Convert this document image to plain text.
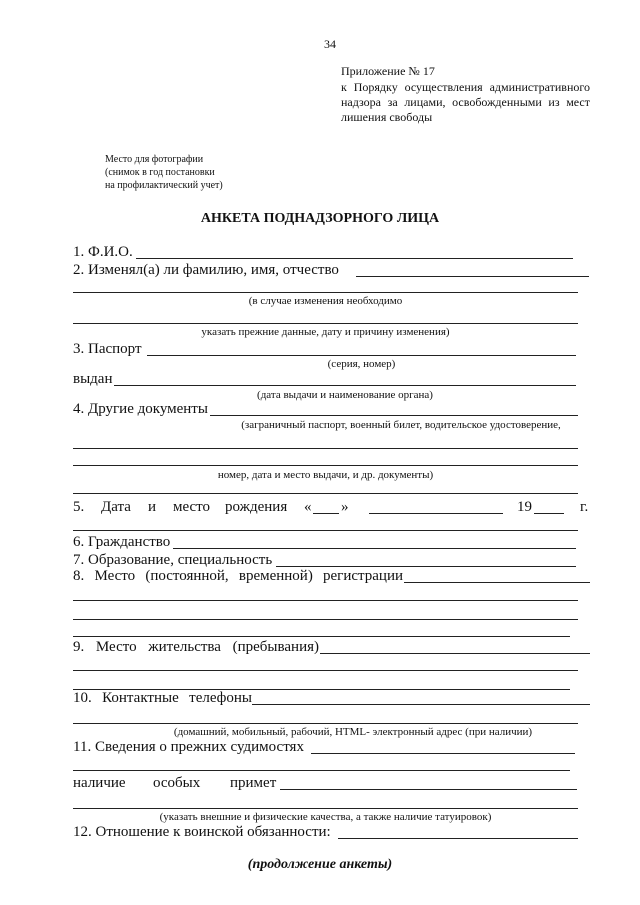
34
Приложение № 17
к Порядку осуществления административного
надзора за лицами, освобожденными из мест
лишения свободы
Место для фотографии
(снимок в год постановки
на профилактический учет)
АНКЕТА ПОДНАДЗОРНОГО ЛИЦА
1. Ф.И.О.
2. Изменял(а) ли фамилию, имя, отчество
(в случае изменения необходимо
указать прежние данные, дату и причину изменения)
3. Паспорт
(серия, номер)
выдан
(дата выдачи и наименование органа)
4. Другие документы
(заграничный паспорт, военный билет, водительское удостоверение,
номер, дата и место выдачи, и др. документы)
5. Дата и место рождения « »	19	г.
6. Гражданство
7. Образование, специальность
8. Место (постоянной, временной) регистрации
9. Место жительства (пребывания)
10. Контактные телефоны
(домашний, мобильный, рабочий, HTML- электронный адрес (при наличии)
11. Сведения о прежних судимостях
наличие особых примет
(указать внешние и физические качества, а также наличие татуировок)
12. Отношение к воинской обязанности:
(продолжение анкеты)
